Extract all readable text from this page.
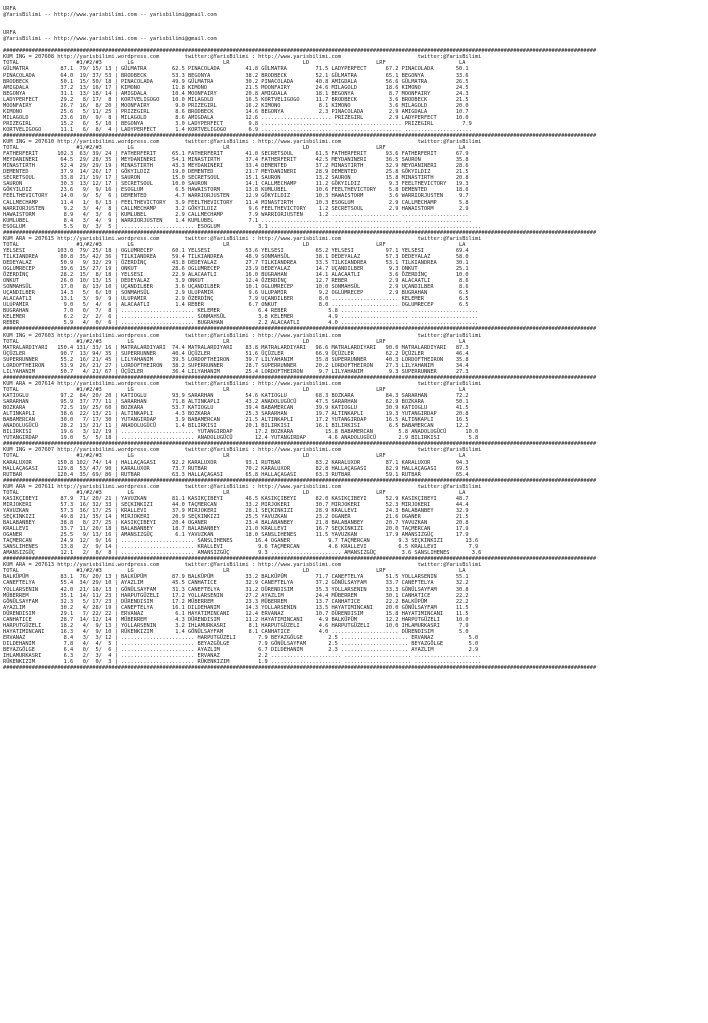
URFA
@YarisBilimi -- http://www.yarisbilimi.com -- yarisbilimi@gmail.com
URFA
@YarisBilimi -- http://www.yarisbilimi.com -- yarisbilimi@gmail.com
##########################################################################################################################################################################################
KUM ING = 207608 http://yarisbilimi.wordpress.com        twitter:@YarisBilimi : http://www.yarisbilimi.com                        twitter:@YarisBilimi
TOTAL                  #1/#2/#3        LG                            LR                       LD                     LRF                       LA
GÜLMATRA          87.1  79/ 15/ 13 | GÜLMATRA        62.5 PINACOLADA        41.8 GÜLMATRA         71.5 LADYPERFECT      67.2 PINACOLADA       50.1
PINACOLADA        64.0  19/ 37/ 53 | BRODBECK        53.3 BEGONYA           38.2 BRODBECK         52.1 GÜLMATRA         65.1 BEGONYA          33.6
BRODBECK          50.1  15/ 50/ 18 | PINACOLADA      49.9 GÜLMATRA          30.2 PINACOLADA       40.8 AMIGDALA         56.6 GÜLMATRA         26.5
AMIGDALA          37.2  13/ 16/ 17 | KIMONO          11.8 KIMONO            21.5 MOONFAIRY        24.6 MILAGOLD         18.6 KIMONO           24.5
BEGONYA           31.1  13/ 18/ 14 | AMIGDALA        10.4 MOONFAIRY         20.8 AMIGDALA         18.1 BEGONYA           8.7 MOONFAIRY        24.3
LADYPERFECT       29.2   8/ 17/  8 | KORTVELIGOGO    10.0 MILAGOLD          16.5 KORTVELIGOGO     11.7 BRODBECK          3.6 BRODBECK         21.5
MOONFAIRY         26.7  16/  8/ 20 | MOONFAIRY        9.0 PRIZEGIRL         16.2 KIMONO            8.1 KIMONO            3.6 MILAGOLD         20.0
KIMONO            25.6   5/ 11/ 25 | PRIZEGIRL        8.6 BRODBECK          14.6 BEGONYA           2.3 PINACOLADA        2.9 AMIGDALA         10.7
MILAGOLD          23.6  10/  9/  8 | MILAGOLD         8.6 AMIGDALA          12.6 ...................... PRIZEGIRL        2.9 LADYPERFECT      10.0
PRIZEGIRL         15.2   6/  5/ 10 | BEGONYA          3.0 LADYPERFECT        9.8 ...................... ..................... PRIZEGIRL         7.9
KORTVELIGOGO      11.1   6/  8/  4 | LADYPERFECT      1.4 KORTVELIGOGO       6.9 ...................... ..................... .....................
##########################################################################################################################################################################################
KUM ING = 207610 http://yarisbilimi.wordpress.com        twitter:@YarisBilimi : http://www.yarisbilimi.com                        twitter:@YarisBilimi
TOTAL                  #1/#2/#3        LG                            LR                       LD                     LRF                       LA
FATHERFERIT      102.3  63/ 39/ 24 | FATHERFERIT     65.1 FATHERFERIT       41.0 SECRETSOUL       61.5 FATHERFERIT      93.6 FATHERFERIT      67.9
MEYDANINERI       64.5  29/ 28/ 35 | MEYDANINERI     54.1 MINASTIRTH        37.4 FATHERFERIT      42.5 MEYDANINERI      36.5 SAURON           35.8
MINASTIRTH        52.4  29/ 29/ 19 | MINASTIRTH      43.3 MEYDANINERI       33.4 DEMENTED         37.2 MINASTIRTH       32.9 MEYDANINERI      28.6
DEMENTED          37.9  14/ 26/ 17 | GÖKYILDIZ       19.0 DEMENTED          21.7 MEYDANINERI      28.9 DEMENTED         25.8 GÖKYILDIZ        21.5
SECRETSOUL        33.8  21/ 19/ 17 | SAURON          15.0 SECRETSOUL        15.1 SAURON           13.2 SAURON           15.8 MINASTIRTH       20.8
SAURON            30.3  13/ 12/ 17 | SECRETSOUL      10.0 SAURON            14.1 CALLMECHAMP      11.2 GÖKYILDIZ         9.3 FEELTHEVICTORY   19.3
GÖKYILDIZ         23.6   9/  9/ 16 | ESOGLUM          6.5 HAWAISTORM        13.8 KUMLUBEL         10.6 FEELTHEVICTORY    5.8 DEMENTED         18.6
FEELTHEVICTORY    14.0   9/  5/  6 | DEMENTED         4.7 WARRIORJUSTEN     12.9 GÖKYILDIZ        10.3 HAWAISTORM        3.6 WARRIORJUSTEN     9.7
CALLMECHAMP       11.4   1/  6/ 13 | FEELTHEVICTORY   3.9 FEELTHEVICTORY    11.4 MINASTIRTH       10.3 ESOGLUM           2.9 CALLMECHAMP       5.8
WARRIORJUSTEN      9.2   3/  4/  8 | CALLMECHAMP      3.2 GÖKYILDIZ          9.6 FEELTHEVICTORY    1.2 SECRETSOUL        2.9 HAWAISTORM        2.9
HAWAISTORM         8.9   4/  3/  6 | KUMLUBEL         2.9 CALLMECHAMP        7.9 WARRIORJUSTEN     1.2 ..................... .....................
KUMLUBEL           8.4   3/  4/  9 | WARRIORJUSTEN    1.4 KUMLUBEL           7.1 ...................... ..................... .....................
ESOGLUM            5.5   0/  3/  5 | ....................... ESOGLUM            3.1 ...................... ..................... .....................
##########################################################################################################################################################################################
KUM ARA = 207615 http://yarisbilimi.wordpress.com        twitter:@YarisBilimi : http://www.yarisbilimi.com                        twitter:@YarisBilimi
TOTAL                  #1/#2/#3        LG                            LR                       LD                     LRF                       LA
YELSESI          103.0  79/ 25/ 18 | OGLUMRECEP      60.1 YELSESI           53.6 YELSESI          65.2 YELSESI          97.1 YELSESI          69.4
TILKIANDREA       80.8  35/ 42/ 36 | TILKIANDREA     59.4 TILKIANDREA       48.9 SONMAHSÜL        38.1 DEDEYALAZ        57.3 DEDEYALAZ        58.0
DEDEYALAZ         50.9   9/ 32/ 29 | ÖZERDİNÇ        43.8 DEDEYALAZ         27.7 TILKIANDREA      33.5 TILKIANDREA      53.1 TILKIANDREA      30.1
OGLUMRECEP        39.6  15/ 27/ 19 | ONKUT           28.6 OGLUMRECEP        23.9 DEDEYALAZ        14.7 UÇANDILBER        9.3 ONKUT            25.1
ÖZERDİNÇ          28.2  15/  8/ 18 | YELSESI         22.9 ALACAATLI         16.0 BUGRAHAN         14.1 ALACAATLI         3.6 ÖZERDİNÇ         10.0
ONKUT             26.0  10/ 13/ 15 | DEDEYALAZ        3.9 ONKUT             12.4 ÖZERDİNÇ         12.7 REBER             2.9 ALACAATLI         8.6
SONMAHSÜL         17.0   8/ 13/ 10 | UÇANDILBER       3.6 UÇANDILBER        10.1 OGLUMRECEP       10.0 SONMAHSÜL         2.9 UÇANDILBER        8.6
UÇANDILBER        14.3   5/  6/ 10 | SONMAHSÜL        2.9 ULUPAMIR           9.6 ULUPAMIR          9.2 OGLUMRECEP        2.9 BUGRAHAN          6.5
ALACAATLI         13.1   3/  9/  9 | ULUPAMIR         2.9 ÖZERDİNÇ           7.9 UÇANDILBER        8.0 ..................... KELEMER           6.5
ULUPAMIR           9.0   5/  4/  6 | ALACAATLI        1.4 REBER              6.7 ONKUT             8.0 ..................... OGLUMRECEP        6.5
BUGRAHAN           7.0   0/  7/  8 | ....................... KELEMER            6.4 REBER             5.8 ..................... .....................
KELEMER            6.2   2/  2/  6 | ....................... SONMAHSÜL          3.8 KELEMER           4.9 ..................... .....................
REBER              5.9   4/  0/  6 | ....................... BUGRAHAN           2.2 ALACAATLI         4.0 ..................... .....................
##########################################################################################################################################################################################
KUM ING = 207603 http://yarisbilimi.wordpress.com        twitter:@YarisBilimi : http://www.yarisbilimi.com                        twitter:@YarisBilimi
TOTAL                  #1/#2/#3        LG                            LR                       LD                     LRF                       LA
MATRALARDIYARI   150.4 131/ 33/ 16 | MATRALARDIYARI  74.4 MATRALARDIYARI    83.8 MATRALARDIYARI   96.6 MATRALARDIYARI   90.0 MATRALARDIYARI   87.3
ÜÇÜZLER           90.7  13/ 94/ 35 | SUPERRUNNER     40.4 ÜÇÜZLER           51.6 ÜÇÜZLER          66.9 ÜÇÜZLER          62.2 ÜÇÜZLER          46.4
SUPERRUNNER       55.2  16/ 21/ 45 | LILYAHANIM      39.5 LORDOFTHEIRON     39.7 LILYAHANIM       35.8 SUPERRUNNER      40.3 LORDOFTHEIRON    35.8
LORDOFTHEIRON     53.9  26/ 21/ 27 | LORDOFTHEIRON   38.2 SUPERRUNNER       28.7 SUPERRUNNER      20.2 LORDOFTHEIRON    27.3 LILYAHANIM       34.4
LILYAHANIM        50.7   4/ 21/ 67 | ÜÇÜZLER         36.4 LILYAHANIM        25.4 LORDOFTHEIRON     9.7 LILYAHANIM        9.3 SUPERRUNNER      27.3
##########################################################################################################################################################################################
KUM ARA = 207614 http://yarisbilimi.wordpress.com        twitter:@YarisBilimi : http://www.yarisbilimi.com                        twitter:@YarisBilimi
TOTAL                  #1/#2/#3        LG                            LR                       LD                     LRF                       LA
KATIOGLU          97.2  84/ 20/ 20 | KATIOGLU        93.9 SARARHAN          54.6 KATIOGLU         68.3 BOZKARA          84.3 SARARHAN         72.2
SARARHAN          95.9  37/ 77/ 11 | SARARHAN        71.8 ALTINKAPLI        43.2 ANADOLUGÜCÜ      47.5 SARARHAN         62.9 BOZKARA          50.1
BOZKARA           72.5  19/ 25/ 60 | BOZKARA         53.7 KATIOGLU          39.4 BABAMERCAN       39.9 KATIOGLU         30.9 KATIOGLU         41.5
ALTINKAPLI        38.6  22/ 13/ 21 | ALTINKAPLI       4.3 BOZKARA           25.3 SARARHAN         19.7 ALTINKAPLI       19.3 YUTANGIRDAP      20.8
BABAMERCAN        30.0   7/ 17/ 30 | YUTANGIRDAP      3.9 BABAMERCAN        21.5 ALTINKAPLI       17.2 YUTANGIRDAP      16.5 ALTINKAPLI       16.5
ANADOLUGÜCÜ       28.2  13/ 21/ 11 | ANADOLUGÜCÜ      1.4 BILIRKISI         20.1 BILIRKISI        16.1 BILIRKISI         6.5 BABAMERCAN       12.2
BILIRKISI         19.6   3/ 12/ 19 | ....................... YUTANGIRDAP       17.2 BOZKARA          15.8 BABAMERCAN        5.8 ANADOLUGÜCÜ      10.0
YUTANGIRDAP       19.0   5/  5/ 18 | ....................... ANADOLUGÜCÜ       12.4 YUTANGIRDAP       4.6 ANADOLUGÜCÜ       2.9 BILIRKISI         5.8
##########################################################################################################################################################################################
KUM ING = 207607 http://yarisbilimi.wordpress.com        twitter:@YarisBilimi : http://www.yarisbilimi.com                        twitter:@YarisBilimi
TOTAL                  #1/#2/#3        LG                            LR                       LD                     LRF                       LA
KARALUXOR        150.8 102/ 74/ 14 | HALLAÇAGASI     92.2 KARALUXOR         93.1 RUTBAR           83.2 KARALUXOR        87.1 KARALUXOR        94.3
HALLAÇAGASI      129.8  53/ 47/ 90 | KARALUXOR       73.7 RUTBAR            70.2 KARALUXOR        82.8 HALLAÇAGASI      82.9 HALLAÇAGASI      69.5
RUTBAR           120.4  35/ 69/ 86 | RUTBAR          63.3 HALLAÇAGASI       65.8 HALLAÇAGASI      63.3 RUTBAR           59.1 RUTBAR           65.4
##########################################################################################################################################################################################
KUM ARA = 207611 http://yarisbilimi.wordpress.com        twitter:@YarisBilimi : http://www.yarisbilimi.com                        twitter:@YarisBilimi
TOTAL                  #1/#2/#3        LG                            LR                       LD                     LRF                       LA
KASIKÇIBEYI       87.9  71/ 20/ 21 | YAVUZKAN        81.1 KASIKÇIBEYI       46.5 KASIKÇIBEYI      82.0 KASIKÇIBEYI      52.9 KASIKÇIBEYI      48.7
MIRJOKERI         57.3  16/ 32/ 33 | SEÇKINKIZI      44.0 TAÇMERCAN         33.2 MIRJOKERI        30.7 MIRJOKERI        52.3 MIRJOKERI        44.4
YAVUZKAN          57.3  36/ 17/ 25 | KRALLEVI        37.9 MIRJOKERI         28.1 SEÇKINKIZI       28.9 KRALLEVI         24.3 BALABANBEY       32.9
SEÇKINKIZI        49.8  21/ 35/ 14 | MIRJOKERI       20.9 SEÇKINKIZI        25.5 YAVUZKAN         23.2 OGANER           21.6 OGANER           21.5
BALABANBEY        38.8   8/ 27/ 25 | KASIKÇIBEYI     20.4 OGANER            23.4 BALABANBEY       21.8 BALABANBEY       20.7 YAVUZKAN         20.8
KRALLEVI          33.7  11/ 20/ 18 | BALABANBEY      18.7 BALABANBEY        21.0 KRALLEVI         16.7 SEÇKINKIZI       20.0 TAÇMERCAN        17.9
OGANER            25.5   9/ 13/ 16 | AMANSIZGÜÇ       6.1 YAVUZKAN          18.0 SANSLIHENES      11.5 YAVUZKAN         17.9 AMANSIZGÜÇ       17.9
TAÇMERCAN         24.9  12/  9/ 16 | ....................... SANSLIHENES       16.4 OGANER            9.7 TAÇMERCAN         9.3 SEÇKINKIZI       13.6
SANSLIHENES       13.8   2/  9/ 14 | ....................... KRALLEVI           9.6 TAÇMERCAN         4.6 KRALLEVI          6.5 KRALLEVI          7.9
AMANSIZGÜÇ        12.1   2/  8/  8 | ....................... AMANSIZGÜÇ         9.3 ...................... AMANSIZGÜÇ        3.6 SANSLIHENES       3.6
##########################################################################################################################################################################################
KUM ARA = 207613 http://yarisbilimi.wordpress.com        twitter:@YarisBilimi : http://www.yarisbilimi.com                        twitter:@YarisBilimi
TOTAL                  #1/#2/#3        LG                            LR                       LD                     LRF                       LA
BALKÜPÜM          83.1  76/ 20/ 13 | BALKÜPÜM        87.9 BALKÜPÜM          33.2 BALKÜPÜM         71.7 CANEFTELYA       51.5 YOLLARSENIN      55.1
CANEFTELYA        55.4  34/ 29/ 10 | AYAZLIM         45.5 CANHATICE         32.9 CANEFTELYA       37.2 GÖNÜLSAYFAM      33.7 CANEFTELYA       32.2
YOLLARSENIN       42.0  21/ 18/ 13 | GÖNÜLSAYFAM     31.3 CANEFTELYA        31.2 DÜRENDISIM       35.3 YOLLARSENIN      33.3 GÖNÜLSAYFAM      30.8
MÜBERREM          35.1  14/ 11/ 23 | HARPUTGÜZELI    17.2 YOLLARSENIN       27.2 AYAZLIM          24.4 MÜBERREM         30.1 CANHATICE        22.2
GÖNÜLSAYFAM       32.3   5/ 17/ 23 | DÜRENDISIM      17.2 MÜBERREM          23.3 MÜBERREM         13.7 CANHATICE        22.2 BALKÜPÜM         22.2
AYAZLIM           30.2   4/ 28/ 19 | CANEFTELYA      16.1 DILDEHANIM        14.3 YOLLARSENIN      13.5 HAYATIMINCANI    20.0 GÖNÜLSAYFAM      11.5
DÜRENDISIM        29.1   7/ 22/ 22 | ERVANAZ          6.1 HAYATIMINCANI     12.4 ERVANAZ          10.7 DÜRENDISIM       15.8 HAYATIMINCANI    11.5
CANHATICE         28.7  14/ 12/ 14 | MÜBERREM         4.3 DÜRENDISIM        11.2 HAYATIMINCANI     4.9 BALKÜPÜM         12.2 HARPUTGÜZELI     10.0
HARPUTGÜZELI      18.2   4/  9/ 13 | YOLLARSENIN      3.2 IHLAMURKASRI       8.1 HARPUTGÜZELI      4.6 HARPUTGÜZELI     10.0 IHLAMURKASRI      7.9
HAYATIMINCANI     16.3   4/  9/ 10 | RÜKENKIZIM       1.4 GÖNÜLSAYFAM        8.1 CANHATICE         4.0 ..................... DÜRENDISIM        5.0
ERVANAZ            8.4   3/  3/ 12 | ....................... HARPUTGÜZELI       7.9 BEYAZGÖLGE        2.5 ..................... ERVANAZ           5.0
DILDEHANIM         7.8   4/  4/  5 | ....................... BEYAZGÖLGE         7.9 GÖNÜLSAYFAM       2.5 ..................... BEYAZGÖLGE        5.0
BEYAZGÖLGE         6.4   0/  5/  6 | ....................... AYAZLIM            6.7 DILDEHANIM        2.3 ..................... AYAZLIM           2.9
IHLAMURKASRI       6.3   2/  3/  4 | ....................... ERVANAZ            2.2 ...................... ..................... .....................
RÜKENKIZIM         1.6   0/  0/  3 | ....................... RÜKENKIZIM         1.9 ...................... ..................... .....................
##########################################################################################################################################################################################
